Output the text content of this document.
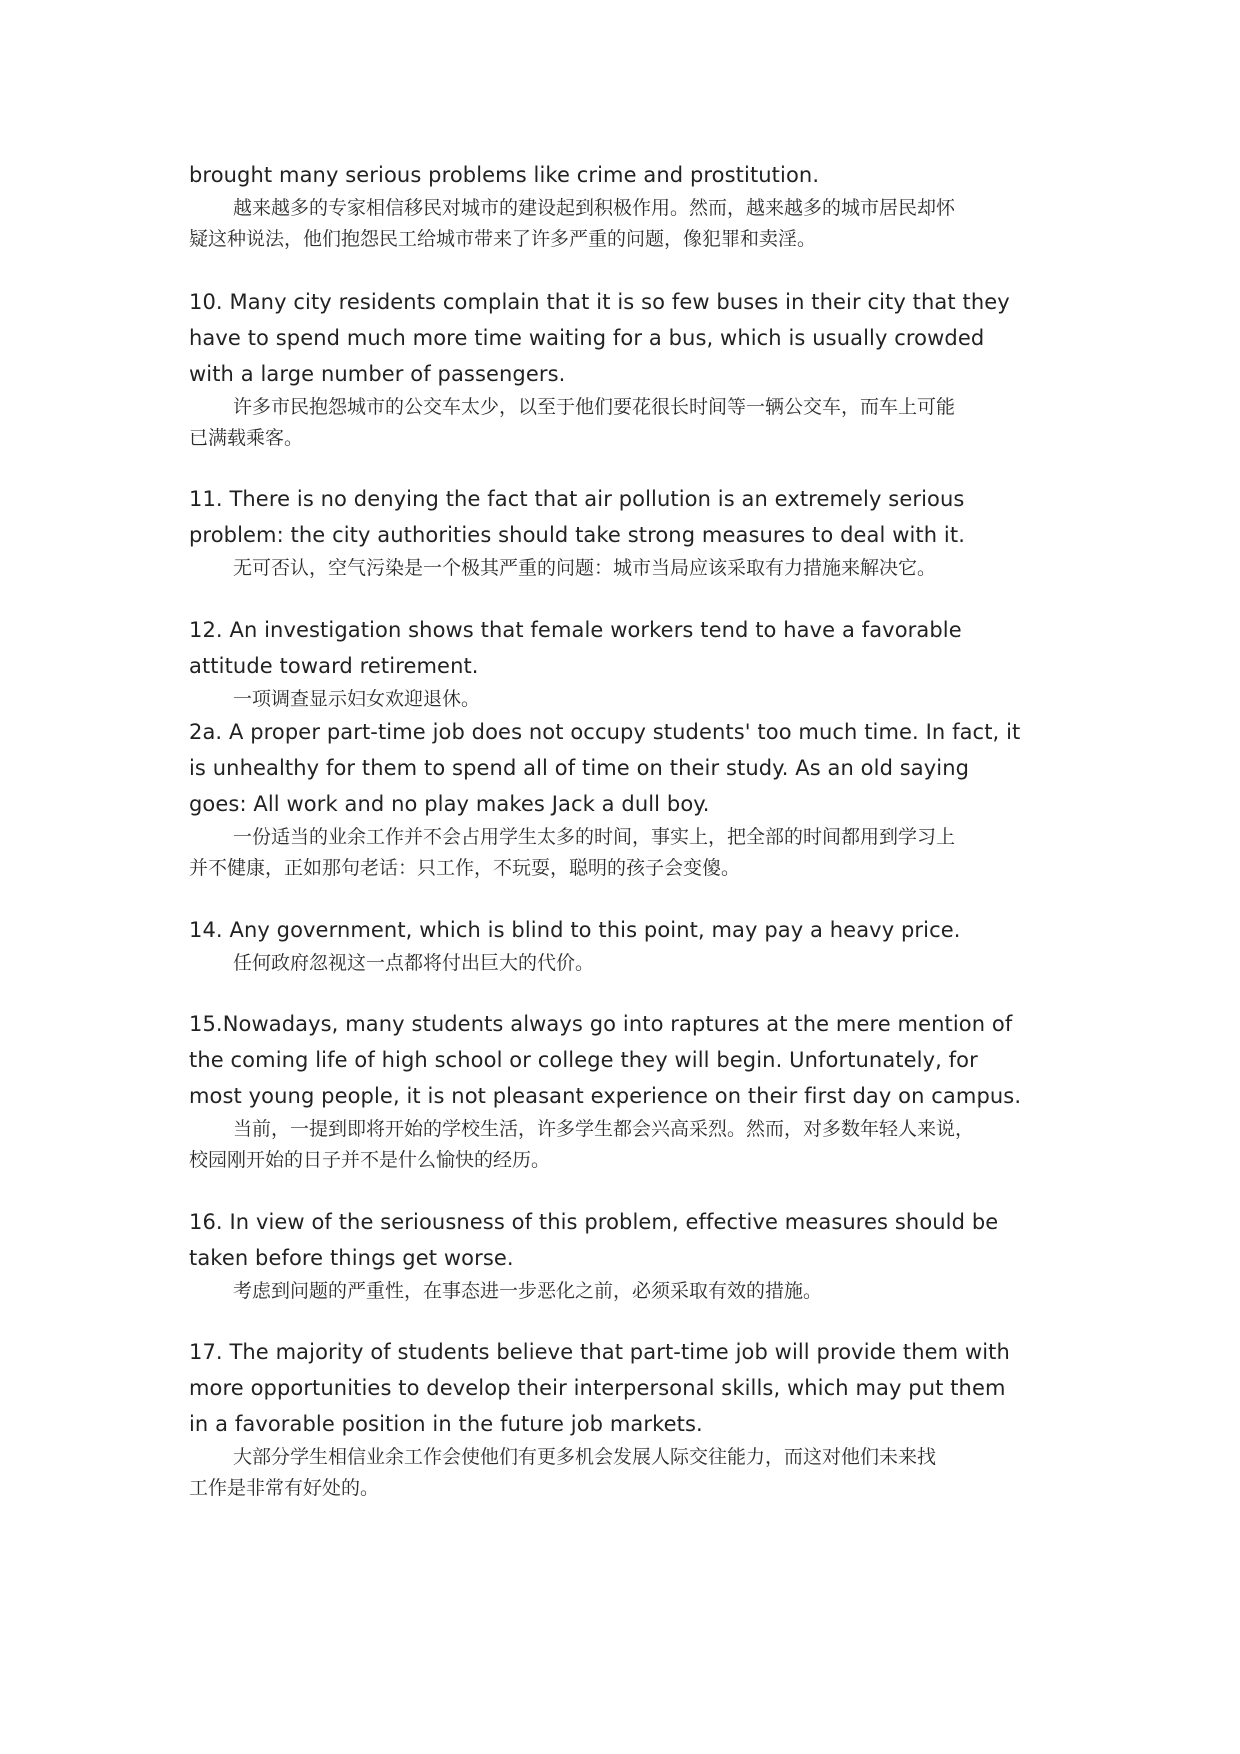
brought many serious problems like crime and prostitution.
越来越多的专家相信移民对城市的建设起到积极作用。然而，越来越多的城市居民却怀
疑这种说法，他们抱怨民工给城市带来了许多严重的问题，像犯罪和卖淫。
10. Many city residents complain that it is so few buses in their city that they
have to spend much more time waiting for a bus, which is usually crowded
with a large number of passengers.
许多市民抱怨城市的公交车太少，以至于他们要花很长时间等一辆公交车，而车上可能
已满载乘客。
11. There is no denying the fact that air pollution is an extremely serious
problem: the city authorities should take strong measures to deal with it.
无可否认，空气污染是一个极其严重的问题：城市当局应该采取有力措施来解决它。
12. An investigation shows that female workers tend to have a favorable
attitude toward retirement.
一项调查显示妇女欢迎退休。
2a. A proper part-time job does not occupy students' too much time. In fact, it
is unhealthy for them to spend all of time on their study. As an old saying
goes: All work and no play makes Jack a dull boy.
一份适当的业余工作并不会占用学生太多的时间，事实上，把全部的时间都用到学习上
并不健康，正如那句老话：只工作，不玩耍，聪明的孩子会变傻。
14. Any government, which is blind to this point, may pay a heavy price.
任何政府忽视这一点都将付出巨大的代价。
15.Nowadays, many students always go into raptures at the mere mention of
the coming life of high school or college they will begin. Unfortunately, for
most young people, it is not pleasant experience on their first day on campus.
当前，一提到即将开始的学校生活，许多学生都会兴高采烈。然而，对多数年轻人来说，
校园刚开始的日子并不是什么愉快的经历。
16. In view of the seriousness of this problem, effective measures should be
taken before things get worse.
考虑到问题的严重性，在事态进一步恶化之前，必须采取有效的措施。
17. The majority of students believe that part-time job will provide them with
more opportunities to develop their interpersonal skills, which may put them
in a favorable position in the future job markets.
大部分学生相信业余工作会使他们有更多机会发展人际交往能力，而这对他们未来找
工作是非常有好处的。
